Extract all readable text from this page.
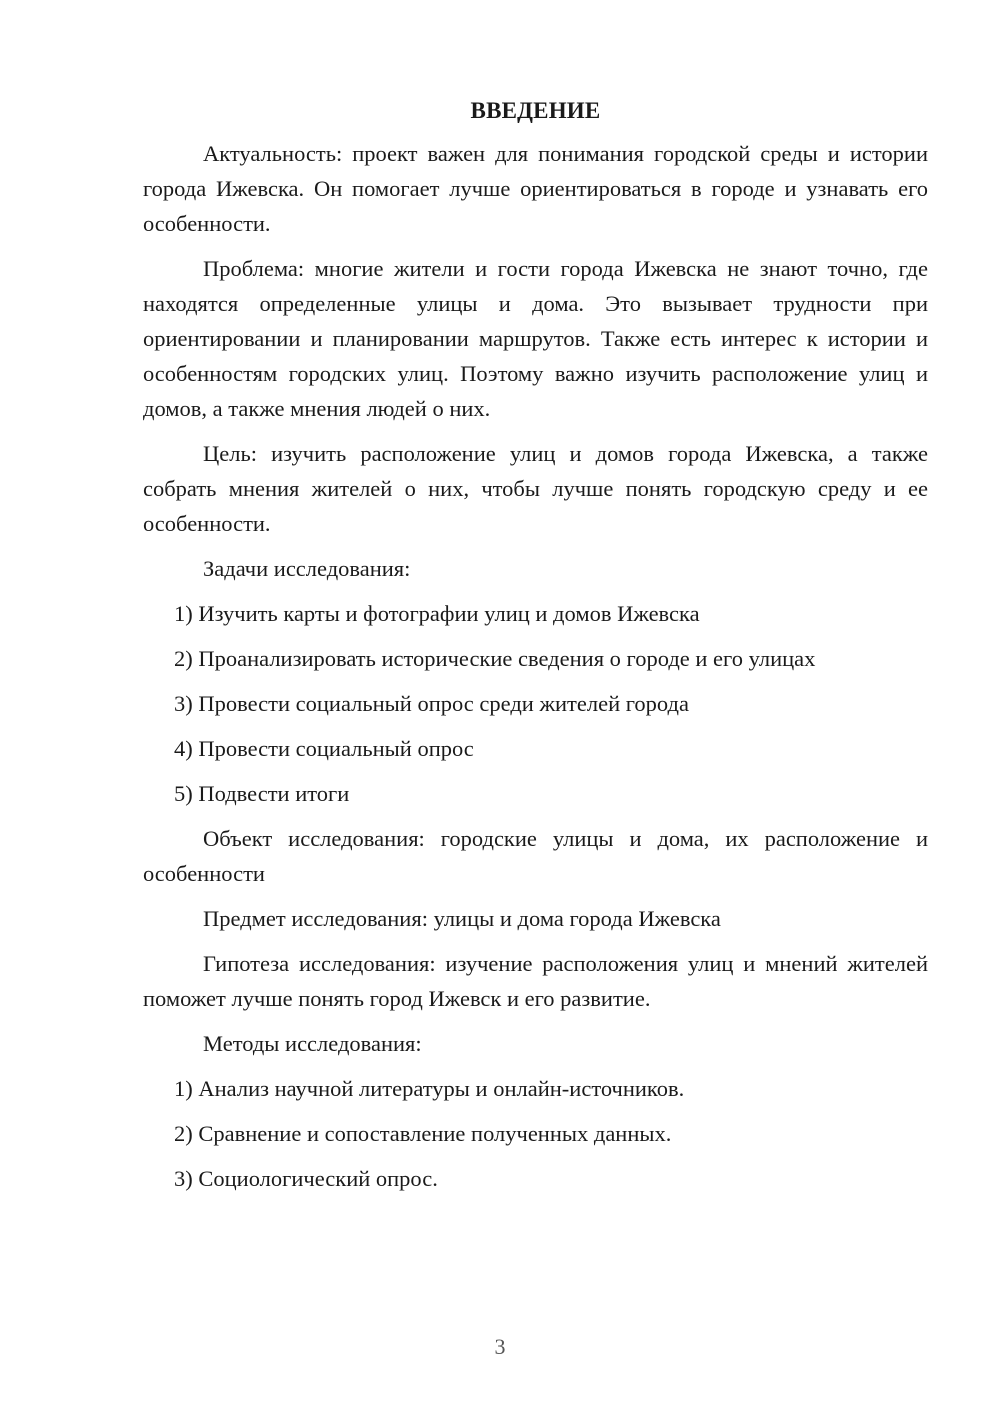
ВВЕДЕНИЕ

Актуальность: проект важен для понимания городской среды и истории города Ижевска. Он помогает лучше ориентироваться в городе и узнавать его особенности.

Проблема: многие жители и гости города Ижевска не знают точно, где находятся определенные улицы и дома. Это вызывает трудности при ориентировании и планировании маршрутов. Также есть интерес к истории и особенностям городских улиц. Поэтому важно изучить расположение улиц и домов, а также мнения людей о них.

Цель: изучить расположение улиц и домов города Ижевска, а также собрать мнения жителей о них, чтобы лучше понять городскую среду и ее особенности.

Задачи исследования:
1) Изучить карты и фотографии улиц и домов Ижевска
2) Проанализировать исторические сведения о городе и его улицах
3) Провести социальный опрос среди жителей города
4) Провести социальный опрос
5) Подвести итоги

Объект исследования: городские улицы и дома, их расположение и особенности

Предмет исследования: улицы и дома города Ижевска

Гипотеза исследования: изучение расположения улиц и мнений жителей поможет лучше понять город Ижевск и его развитие.

Методы исследования:
1) Анализ научной литературы и онлайн-источников.
2) Сравнение и сопоставление полученных данных.
3) Социологический опрос.
3
